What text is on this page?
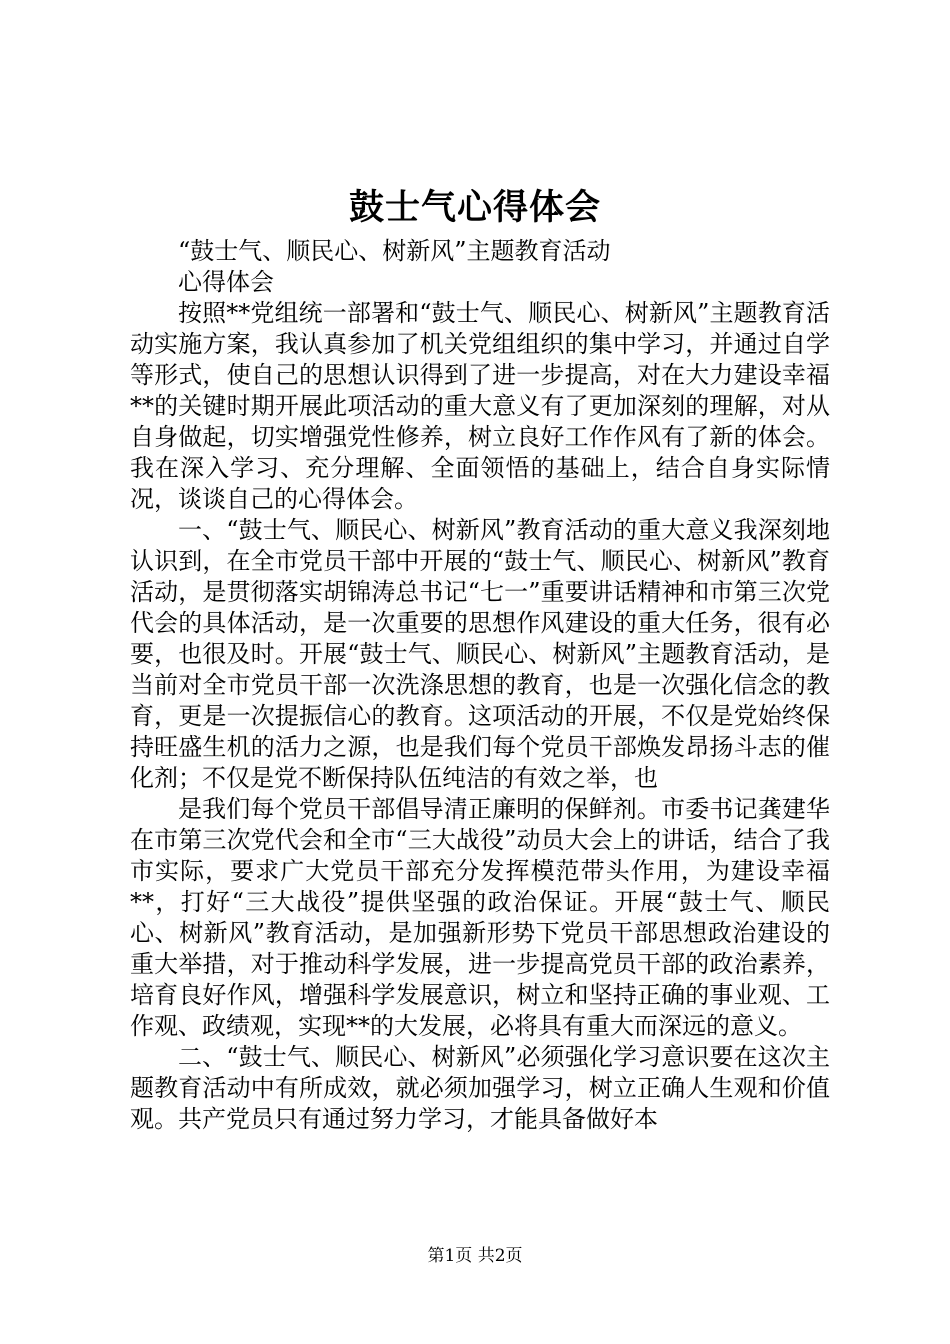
鼓士气心得体会

“鼓士气、顺民心、树新风”主题教育活动

心得体会

按照**党组统一部署和“鼓士气、顺民心、树新风”主题教育活动实施方案，我认真参加了机关党组组织的集中学习，并通过自学等形式，使自己的思想认识得到了进一步提高，对在大力建设幸福**的关键时期开展此项活动的重大意义有了更加深刻的理解，对从自身做起，切实增强党性修养，树立良好工作作风有了新的体会。我在深入学习、充分理解、全面领悟的基础上，结合自身实际情况，谈谈自己的心得体会。

一、“鼓士气、顺民心、树新风”教育活动的重大意义我深刻地认识到，在全市党员干部中开展的“鼓士气、顺民心、树新风”教育活动，是贯彻落实胡锦涛总书记“七一”重要讲话精神和市第三次党代会的具体活动，是一次重要的思想作风建设的重大任务，很有必要，也很及时。开展“鼓士气、顺民心、树新风”主题教育活动，是当前对全市党员干部一次洗涤思想的教育，也是一次强化信念的教育，更是一次提振信心的教育。这项活动的开展，不仅是党始终保持旺盛生机的活力之源，也是我们每个党员干部焕发昂扬斗志的催化剂；不仅是党不断保持队伍纯洁的有效之举，也

是我们每个党员干部倡导清正廉明的保鲜剂。市委书记龚建华在市第三次党代会和全市“三大战役”动员大会上的讲话，结合了我市实际，要求广大党员干部充分发挥模范带头作用，为建设幸福**，打好“三大战役”提供坚强的政治保证。开展“鼓士气、顺民心、树新风”教育活动，是加强新形势下党员干部思想政治建设的重大举措，对于推动科学发展，进一步提高党员干部的政治素养，培育良好作风，增强科学发展意识，树立和坚持正确的事业观、工作观、政绩观，实现**的大发展，必将具有重大而深远的意义。

二、“鼓士气、顺民心、树新风”必须强化学习意识要在这次主题教育活动中有所成效，就必须加强学习，树立正确人生观和价值观。共产党员只有通过努力学习，才能具备做好本

第1页 共2页
